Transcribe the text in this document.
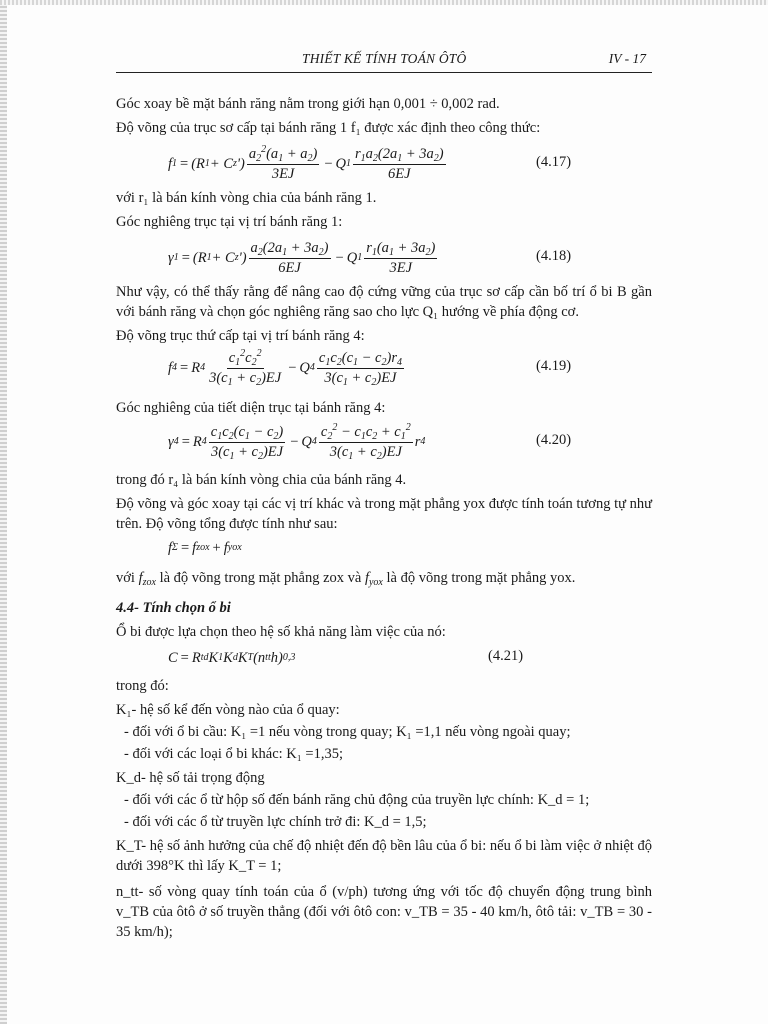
THIẾT KẾ TÍNH TOÁN ÔTÔ	IV - 17
Góc xoay bề mặt bánh răng nằm trong giới hạn 0,001 ÷ 0,002 rad.
Độ võng của trục sơ cấp tại bánh răng 1 f₁ được xác định theo công thức:
f 1 = (R 1 + C z ') $\frac{a_2^2(a_1 + a_2)}{3EJ} - Q$ $1 \frac{r_1a_2(2a_1 + 3a_2)}{6EJ}$	(4.17)
với r₁ là bán kính vòng chia của bánh răng 1.
Góc nghiêng trục tại vị trí bánh răng 1:
γ 1 = (R 1 + C z ') $\frac{a_2(2a_1 + 3a_2)}{6EJ} - Q$ $1 \frac{r_1(a_1 + 3a_2)}{3EJ}$	(4.18)
Như vậy, có thể thấy rằng để nâng cao độ cứng vững của trục sơ cấp cần bố trí ổ bi B gần với bánh răng và chọn góc nghiêng răng sao cho lực Q₁ hướng về phía động cơ.
Độ võng trục thứ cấp tại vị trí bánh răng 4:
f 4 = R $4 \frac{c_1^2c_2^2}{3(c_1 + c_2)EJ} - Q$ $4 \frac{c_1c_2(c_1 - c_2)r_4}{3(c_1 + c_2)EJ}$	(4.19)
Góc nghiêng của tiết diện trục tại bánh răng 4:
γ 4 = R $4 \frac{c_1c_2(c_1 - c_2)}{3(c_1 + c_2)EJ} - Q$ $4 \frac{c_2^2 - c_1c_2 + c_1^2}{3(c_1 + c_2)EJ}$ r 4	(4.20)
trong đó r₄ là bán kính vòng chia của bánh răng 4.
Độ võng và góc xoay tại các vị trí khác và trong mặt phẳng yox được tính toán tương tự như trên. Độ võng tổng được tính như sau:
f Σ = f zox + f yox
với $f_{zox}$ là độ võng trong mặt phẳng zox và $f_{yox}$ là độ võng trong mặt phẳng yox.
4.4- Tính chọn ổ bi
Ổ bi được lựa chọn theo hệ số khả năng làm việc của nó:
C = R td K 1 K d K T (n tt h) 0,3	(4.21)
trong đó:
K₁- hệ số kể đến vòng nào của ổ quay:
- đối với ổ bi cầu: K₁ =1 nếu vòng trong quay; K₁ =1,1 nếu vòng ngoài quay;
- đối với các loại ổ bi khác: K₁ =1,35;
K_d- hệ số tải trọng động
- đối với các ổ từ hộp số đến bánh răng chủ động của truyền lực chính: K_d = 1;
- đối với các ổ từ truyền lực chính trở đi: K_d = 1,5;
K_T- hệ số ảnh hưởng của chế độ nhiệt đến độ bền lâu của ổ bi: nếu ổ bi làm việc ở nhiệt độ dưới 398°K thì lấy K_T = 1;
n_tt- số vòng quay tính toán của ổ (v/ph) tương ứng với tốc độ chuyển động trung bình v_TB của ôtô ở số truyền thẳng (đối với ôtô con: v_TB = 35 - 40 km/h, ôtô tải: v_TB = 30 - 35 km/h);
